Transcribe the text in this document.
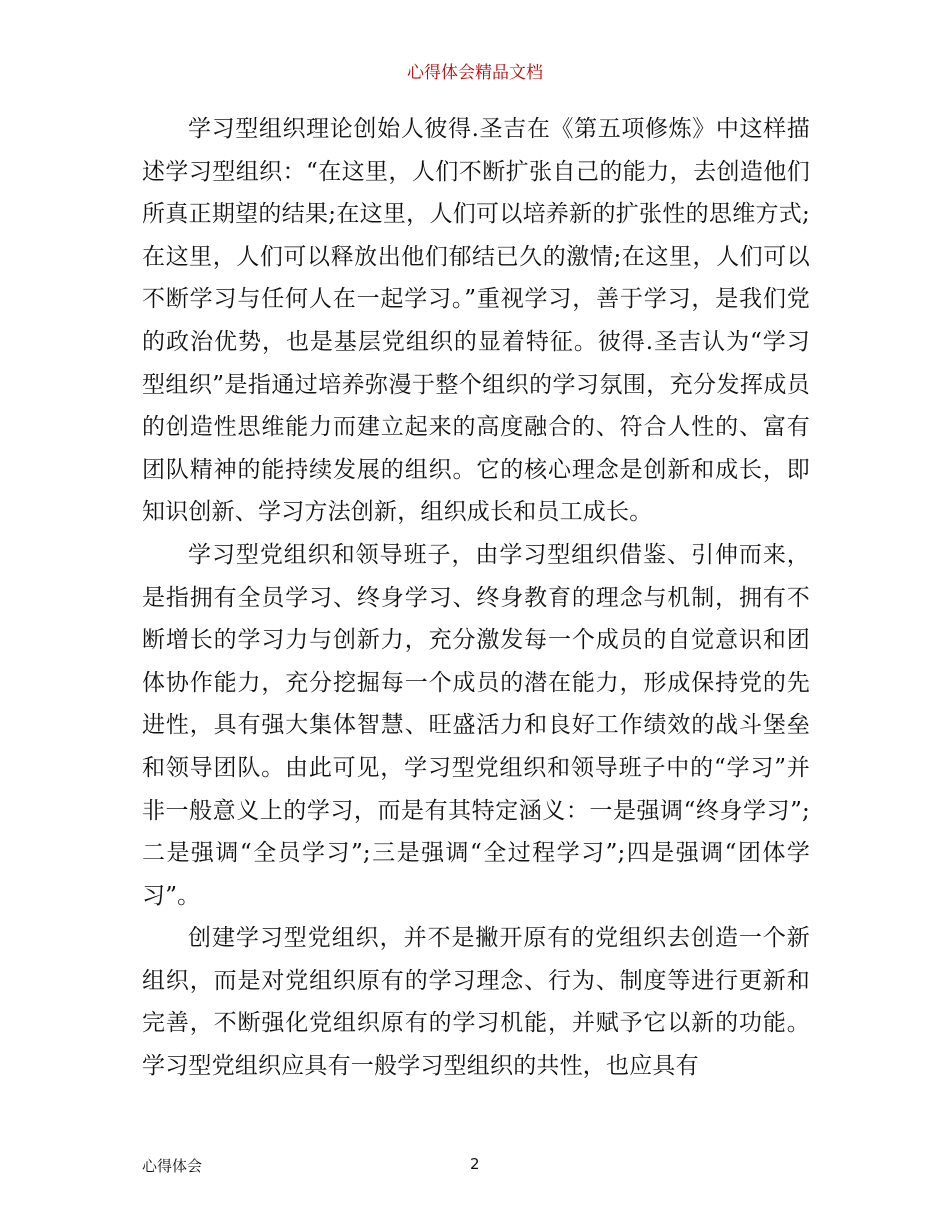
心得体会精品文档

学习型组织理论创始人彼得.圣吉在《第五项修炼》中这样描述学习型组织：“在这里，人们不断扩张自己的能力，去创造他们所真正期望的结果;在这里，人们可以培养新的扩张性的思维方式;在这里，人们可以释放出他们郁结已久的激情;在这里，人们可以不断学习与任何人在一起学习。”重视学习，善于学习，是我们党的政治优势，也是基层党组织的显着特征。彼得.圣吉认为“学习型组织”是指通过培养弥漫于整个组织的学习氛围，充分发挥成员的创造性思维能力而建立起来的高度融合的、符合人性的、富有团队精神的能持续发展的组织。它的核心理念是创新和成长，即知识创新、学习方法创新，组织成长和员工成长。

学习型党组织和领导班子，由学习型组织借鉴、引伸而来，是指拥有全员学习、终身学习、终身教育的理念与机制，拥有不断增长的学习力与创新力，充分激发每一个成员的自觉意识和团体协作能力，充分挖掘每一个成员的潜在能力，形成保持党的先进性，具有强大集体智慧、旺盛活力和良好工作绩效的战斗堡垒和领导团队。由此可见，学习型党组织和领导班子中的“学习”并非一般意义上的学习，而是有其特定涵义：一是强调“终身学习”;二是强调“全员学习”;三是强调“全过程学习”;四是强调“团体学习”。

创建学习型党组织，并不是撇开原有的党组织去创造一个新组织，而是对党组织原有的学习理念、行为、制度等进行更新和完善，不断强化党组织原有的学习机能，并赋予它以新的功能。学习型党组织应具有一般学习型组织的共性，也应具有

心得体会	2
